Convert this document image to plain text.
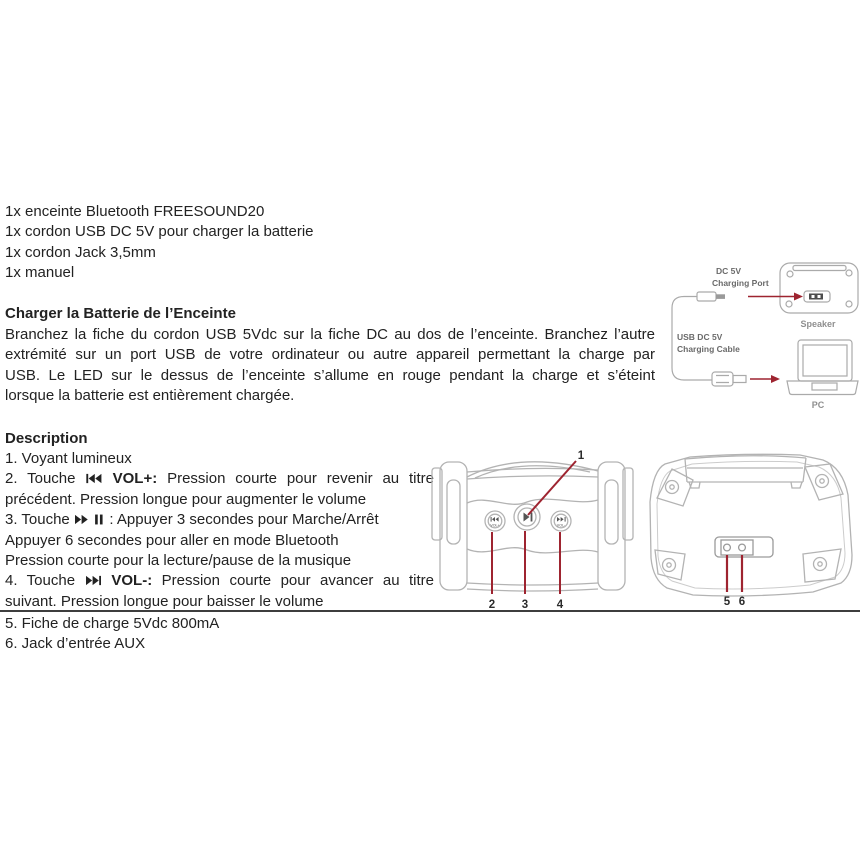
1x enceinte Bluetooth FREESOUND20
1x cordon USB DC 5V pour charger la batterie
1x cordon Jack 3,5mm
1x manuel
Charger la Batterie de l’Enceinte
Branchez la fiche du cordon USB 5Vdc sur la fiche DC au dos de l’enceinte. Branchez l’autre
extrémité sur un port USB de votre ordinateur ou autre appareil permettant la charge par
USB. Le LED sur le dessus de l’enceinte s’allume en rouge pendant la charge et s’éteint
lorsque la batterie est entièrement chargée.
Description
1. Voyant lumineux
2. Touche  VOL+: Pression courte pour revenir au titre
précédent. Pression longue pour augmenter le volume
3. Touche   : Appuyer 3 secondes pour Marche/Arrêt
Appuyer 6 secondes pour aller en mode Bluetooth
Pression courte pour la lecture/pause de la musique
4. Touche  VOL-: Pression courte pour avancer au titre
suivant. Pression longue pour baisser le volume
5. Fiche de charge 5Vdc 800mA
6. Jack d’entrée AUX
DC 5V
Charging Port
Speaker
USB DC 5V
Charging Cable
PC
VOL+	VOL-
1
2 3 4	5 6
